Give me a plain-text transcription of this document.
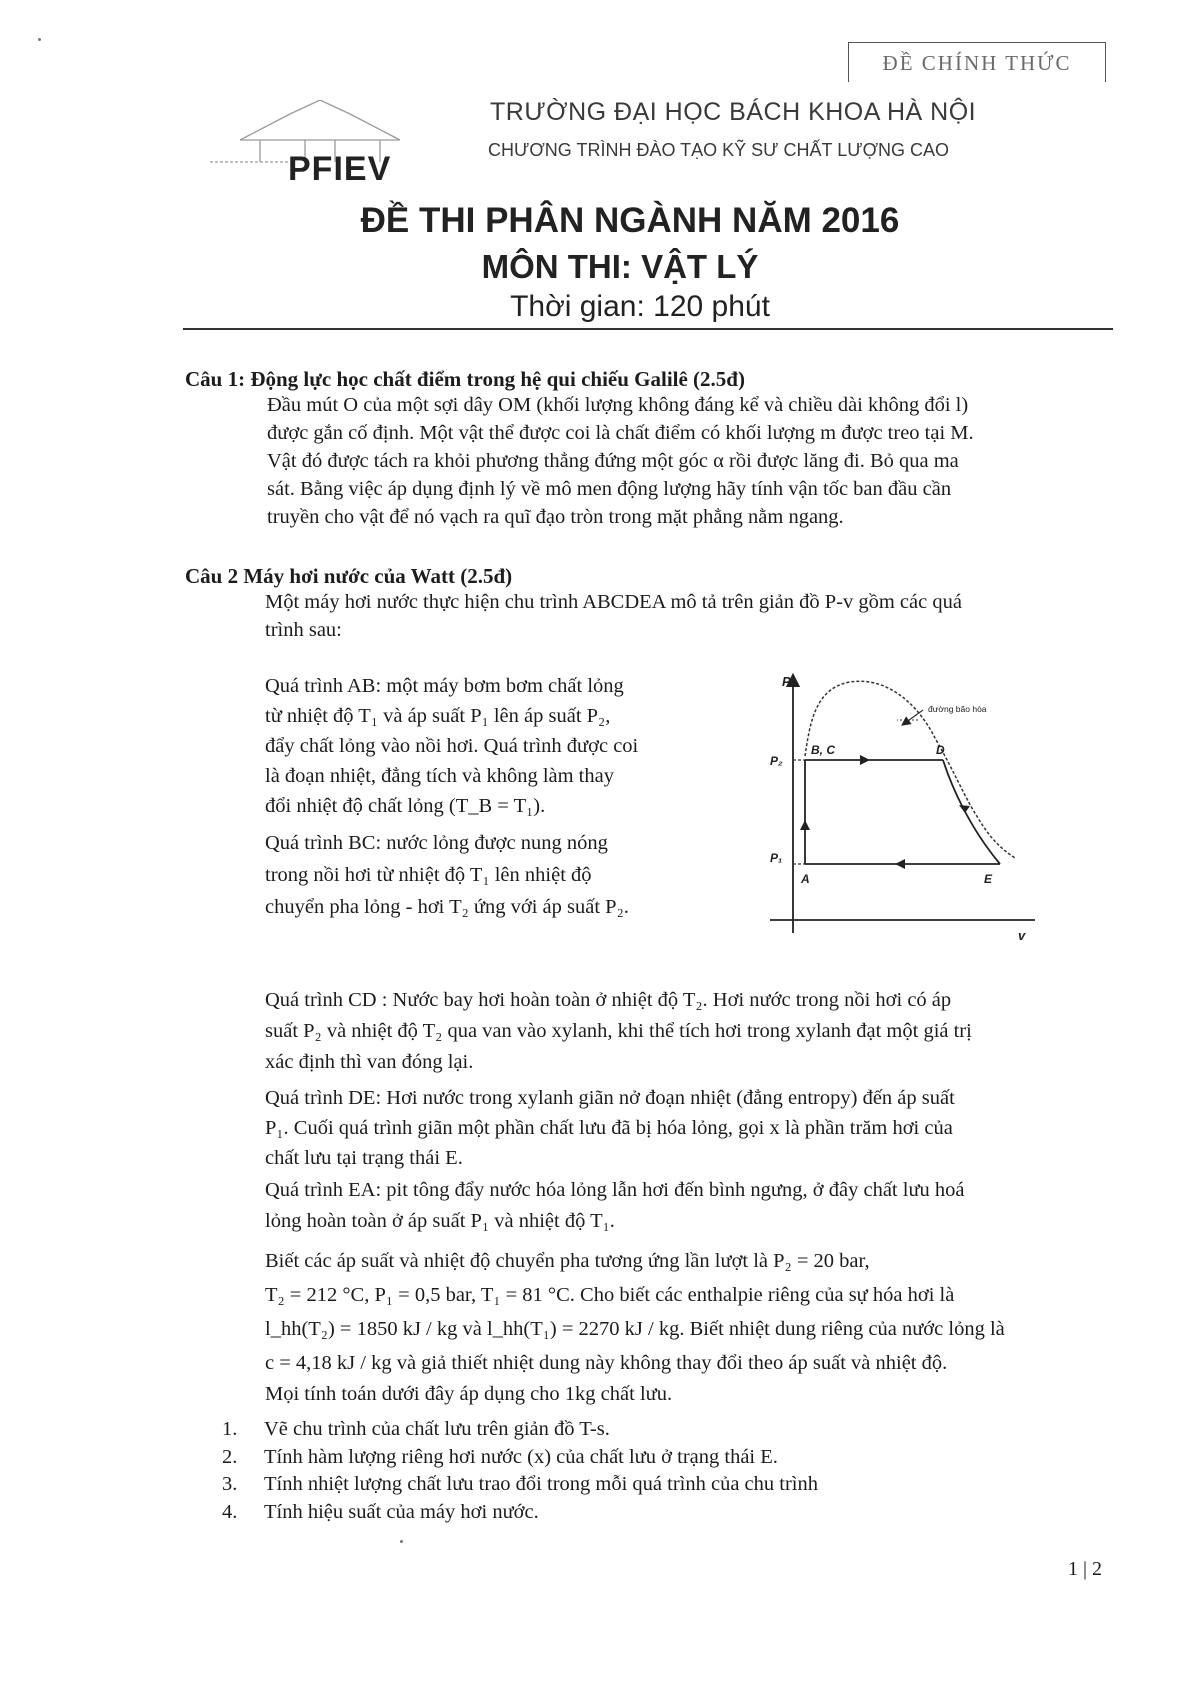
ĐỀ CHÍNH THỨC
PFIEV
TRƯỜNG ĐẠI HỌC BÁCH KHOA HÀ NỘI
CHƯƠNG TRÌNH ĐÀO TẠO KỸ SƯ CHẤT LƯỢNG CAO
ĐỀ THI PHÂN NGÀNH NĂM 2016
MÔN THI: VẬT LÝ
Thời gian: 120 phút
Câu 1: Động lực học chất điểm trong hệ qui chiếu Galilê (2.5đ)
Đầu mút O của một sợi dây OM (khối lượng không đáng kể và chiều dài không đổi l)
được gắn cố định. Một vật thể được coi là chất điểm có khối lượng m được treo tại M.
Vật đó được tách ra khỏi phương thẳng đứng một góc α rồi được lăng đi. Bỏ qua ma
sát. Bằng việc áp dụng định lý về mô men động lượng hãy tính vận tốc ban đầu cần
truyền cho vật để nó vạch ra quĩ đạo tròn trong mặt phẳng nằm ngang.
Câu 2 Máy hơi nước của Watt (2.5đ)
Một máy hơi nước thực hiện chu trình ABCDEA mô tả trên giản đồ P-v gồm các quá
trình sau:
Quá trình AB: một máy bơm bơm chất lỏng
từ nhiệt độ T₁ và áp suất P₁ lên áp suất P₂,
đẩy chất lỏng vào nồi hơi. Quá trình được coi
là đoạn nhiệt, đẳng tích và không làm thay
đổi nhiệt độ chất lỏng (T_B = T₁).
Quá trình BC: nước lỏng được nung nóng
trong nồi hơi từ nhiệt độ T₁ lên nhiệt độ
chuyển pha lỏng - hơi T₂ ứng với áp suất P₂.
P
v
đường bão hòa
P₂
P₁
A
B, C	D
E
Quá trình CD : Nước bay hơi hoàn toàn ở nhiệt độ T₂. Hơi nước trong nồi hơi có áp
suất P₂ và nhiệt độ T₂ qua van vào xylanh, khi thể tích hơi trong xylanh đạt một giá trị
xác định thì van đóng lại.
Quá trình DE: Hơi nước trong xylanh giãn nở đoạn nhiệt (đẳng entropy) đến áp suất
P₁. Cuối quá trình giãn một phần chất lưu đã bị hóa lỏng, gọi x là phần trăm hơi của
chất lưu tại trạng thái E.
Quá trình EA: pit tông đẩy nước hóa lỏng lẫn hơi đến bình ngưng, ở đây chất lưu hoá
lỏng hoàn toàn ở áp suất P₁ và nhiệt độ T₁.
Biết các áp suất và nhiệt độ chuyển pha tương ứng lần lượt là P₂ = 20 bar,
T₂ = 212 °C, P₁ = 0,5 bar, T₁ = 81 °C. Cho biết các enthalpie riêng của sự hóa hơi là
l_hh(T₂) = 1850 kJ / kg và l_hh(T₁) = 2270 kJ / kg. Biết nhiệt dung riêng của nước lỏng là
c = 4,18 kJ / kg và giả thiết nhiệt dung này không thay đổi theo áp suất và nhiệt độ.
Mọi tính toán dưới đây áp dụng cho 1kg chất lưu.
1.	Vẽ chu trình của chất lưu trên giản đồ T-s.
2.	Tính hàm lượng riêng hơi nước (x) của chất lưu ở trạng thái E.
3.	Tính nhiệt lượng chất lưu trao đổi trong mỗi quá trình của chu trình
4.	Tính hiệu suất của máy hơi nước.
1 | 2
